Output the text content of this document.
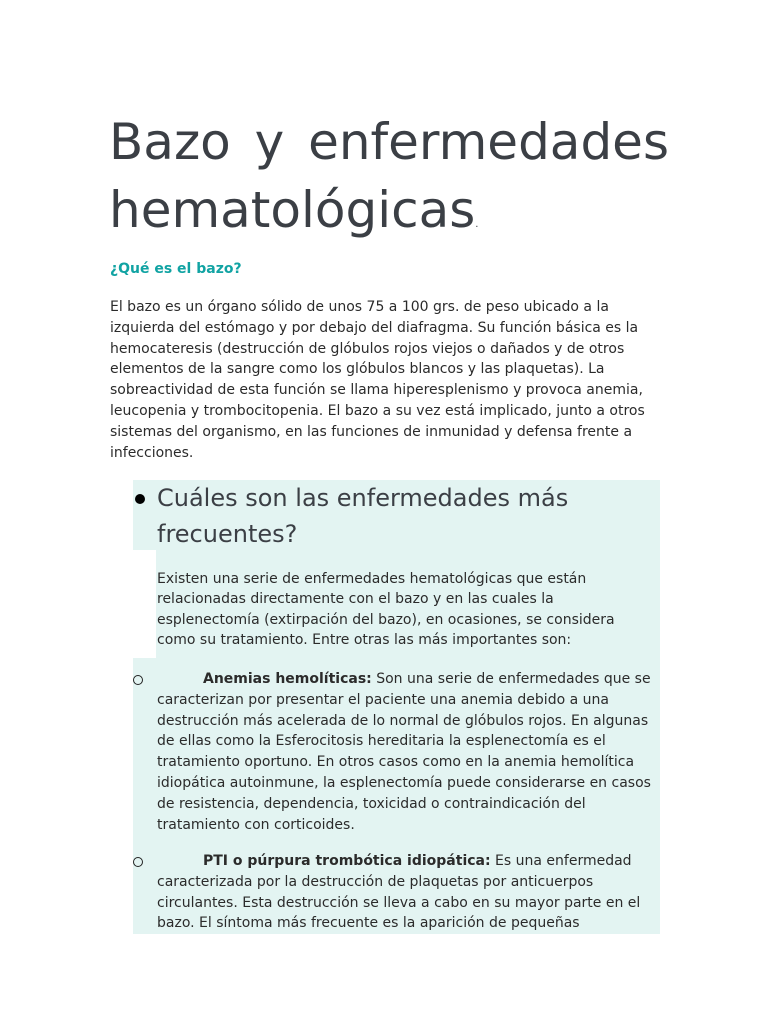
Bazo y enfermedades

hematológicas.
¿Qué es el bazo?

El bazo es un órgano sólido de unos 75 a 100 grs. de peso ubicado a la izquierda del estómago y por debajo del diafragma. Su función básica es la hemocateresis (destrucción de glóbulos rojos viejos o dañados y de otros elementos de la sangre como los glóbulos blancos y las plaquetas). La sobreactividad de esta función se llama hiperesplenismo y provoca anemia, leucopenia y trombocitopenia. El bazo a su vez está implicado, junto a otros sistemas del organismo, en las funciones de inmunidad y defensa frente a infecciones.

Cuáles son las enfermedades más frecuentes?

Existen una serie de enfermedades hematológicas que están relacionadas directamente con el bazo y en las cuales la esplenectomía (extirpación del bazo), en ocasiones, se considera como su tratamiento. Entre otras las más importantes son:

Anemias hemolíticas: Son una serie de enfermedades que se caracterizan por presentar el paciente una anemia debido a una destrucción más acelerada de lo normal de glóbulos rojos. En algunas de ellas como la Esferocitosis hereditaria la esplenectomía es el tratamiento oportuno. En otros casos como en la anemia hemolítica idiopática autoinmune, la esplenectomía puede considerarse en casos de resistencia, dependencia, toxicidad o contraindicación del tratamiento con corticoides.

PTI o púrpura trombótica idiopática: Es una enfermedad caracterizada por la destrucción de plaquetas por anticuerpos circulantes. Esta destrucción se lleva a cabo en su mayor parte en el bazo. El síntoma más frecuente es la aparición de pequeñas
